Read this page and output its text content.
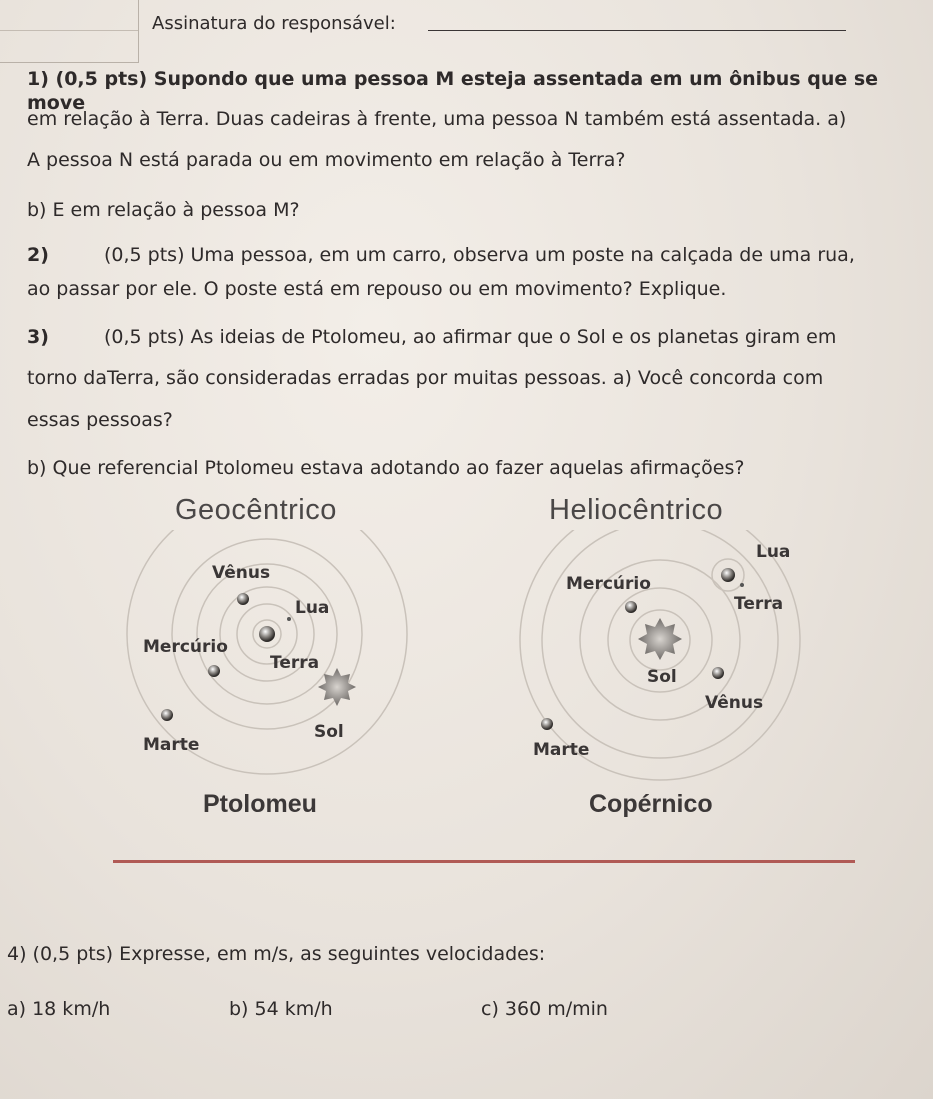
Assinatura do responsável:
1) (0,5 pts) Supondo que uma pessoa M esteja assentada em um ônibus que se move
em relação à Terra. Duas cadeiras à frente, uma pessoa N também está assentada. a)
A pessoa N está parada ou em movimento em relação à Terra?
b) E em relação à pessoa M?
2)	(0,5 pts) Uma pessoa, em um carro, observa um poste na calçada de uma rua,
ao passar por ele. O poste está em repouso ou em movimento? Explique.
3)	(0,5 pts) As ideias de Ptolomeu, ao afirmar que o Sol e os planetas giram em
torno daTerra, são consideradas erradas por muitas pessoas. a) Você concorda com
essas pessoas?
b) Que referencial Ptolomeu estava adotando ao fazer aquelas afirmações?
Geocêntrico	Heliocêntrico
Vênus
Lua
Mercúrio
Terra
Marte
Sol
Lua
Mercúrio
Terra
Sol
Vênus
Marte
Ptolomeu	Copérnico
4) (0,5 pts) Expresse, em m/s, as seguintes velocidades:
a) 18 km/h	b) 54 km/h	c) 360 m/min
